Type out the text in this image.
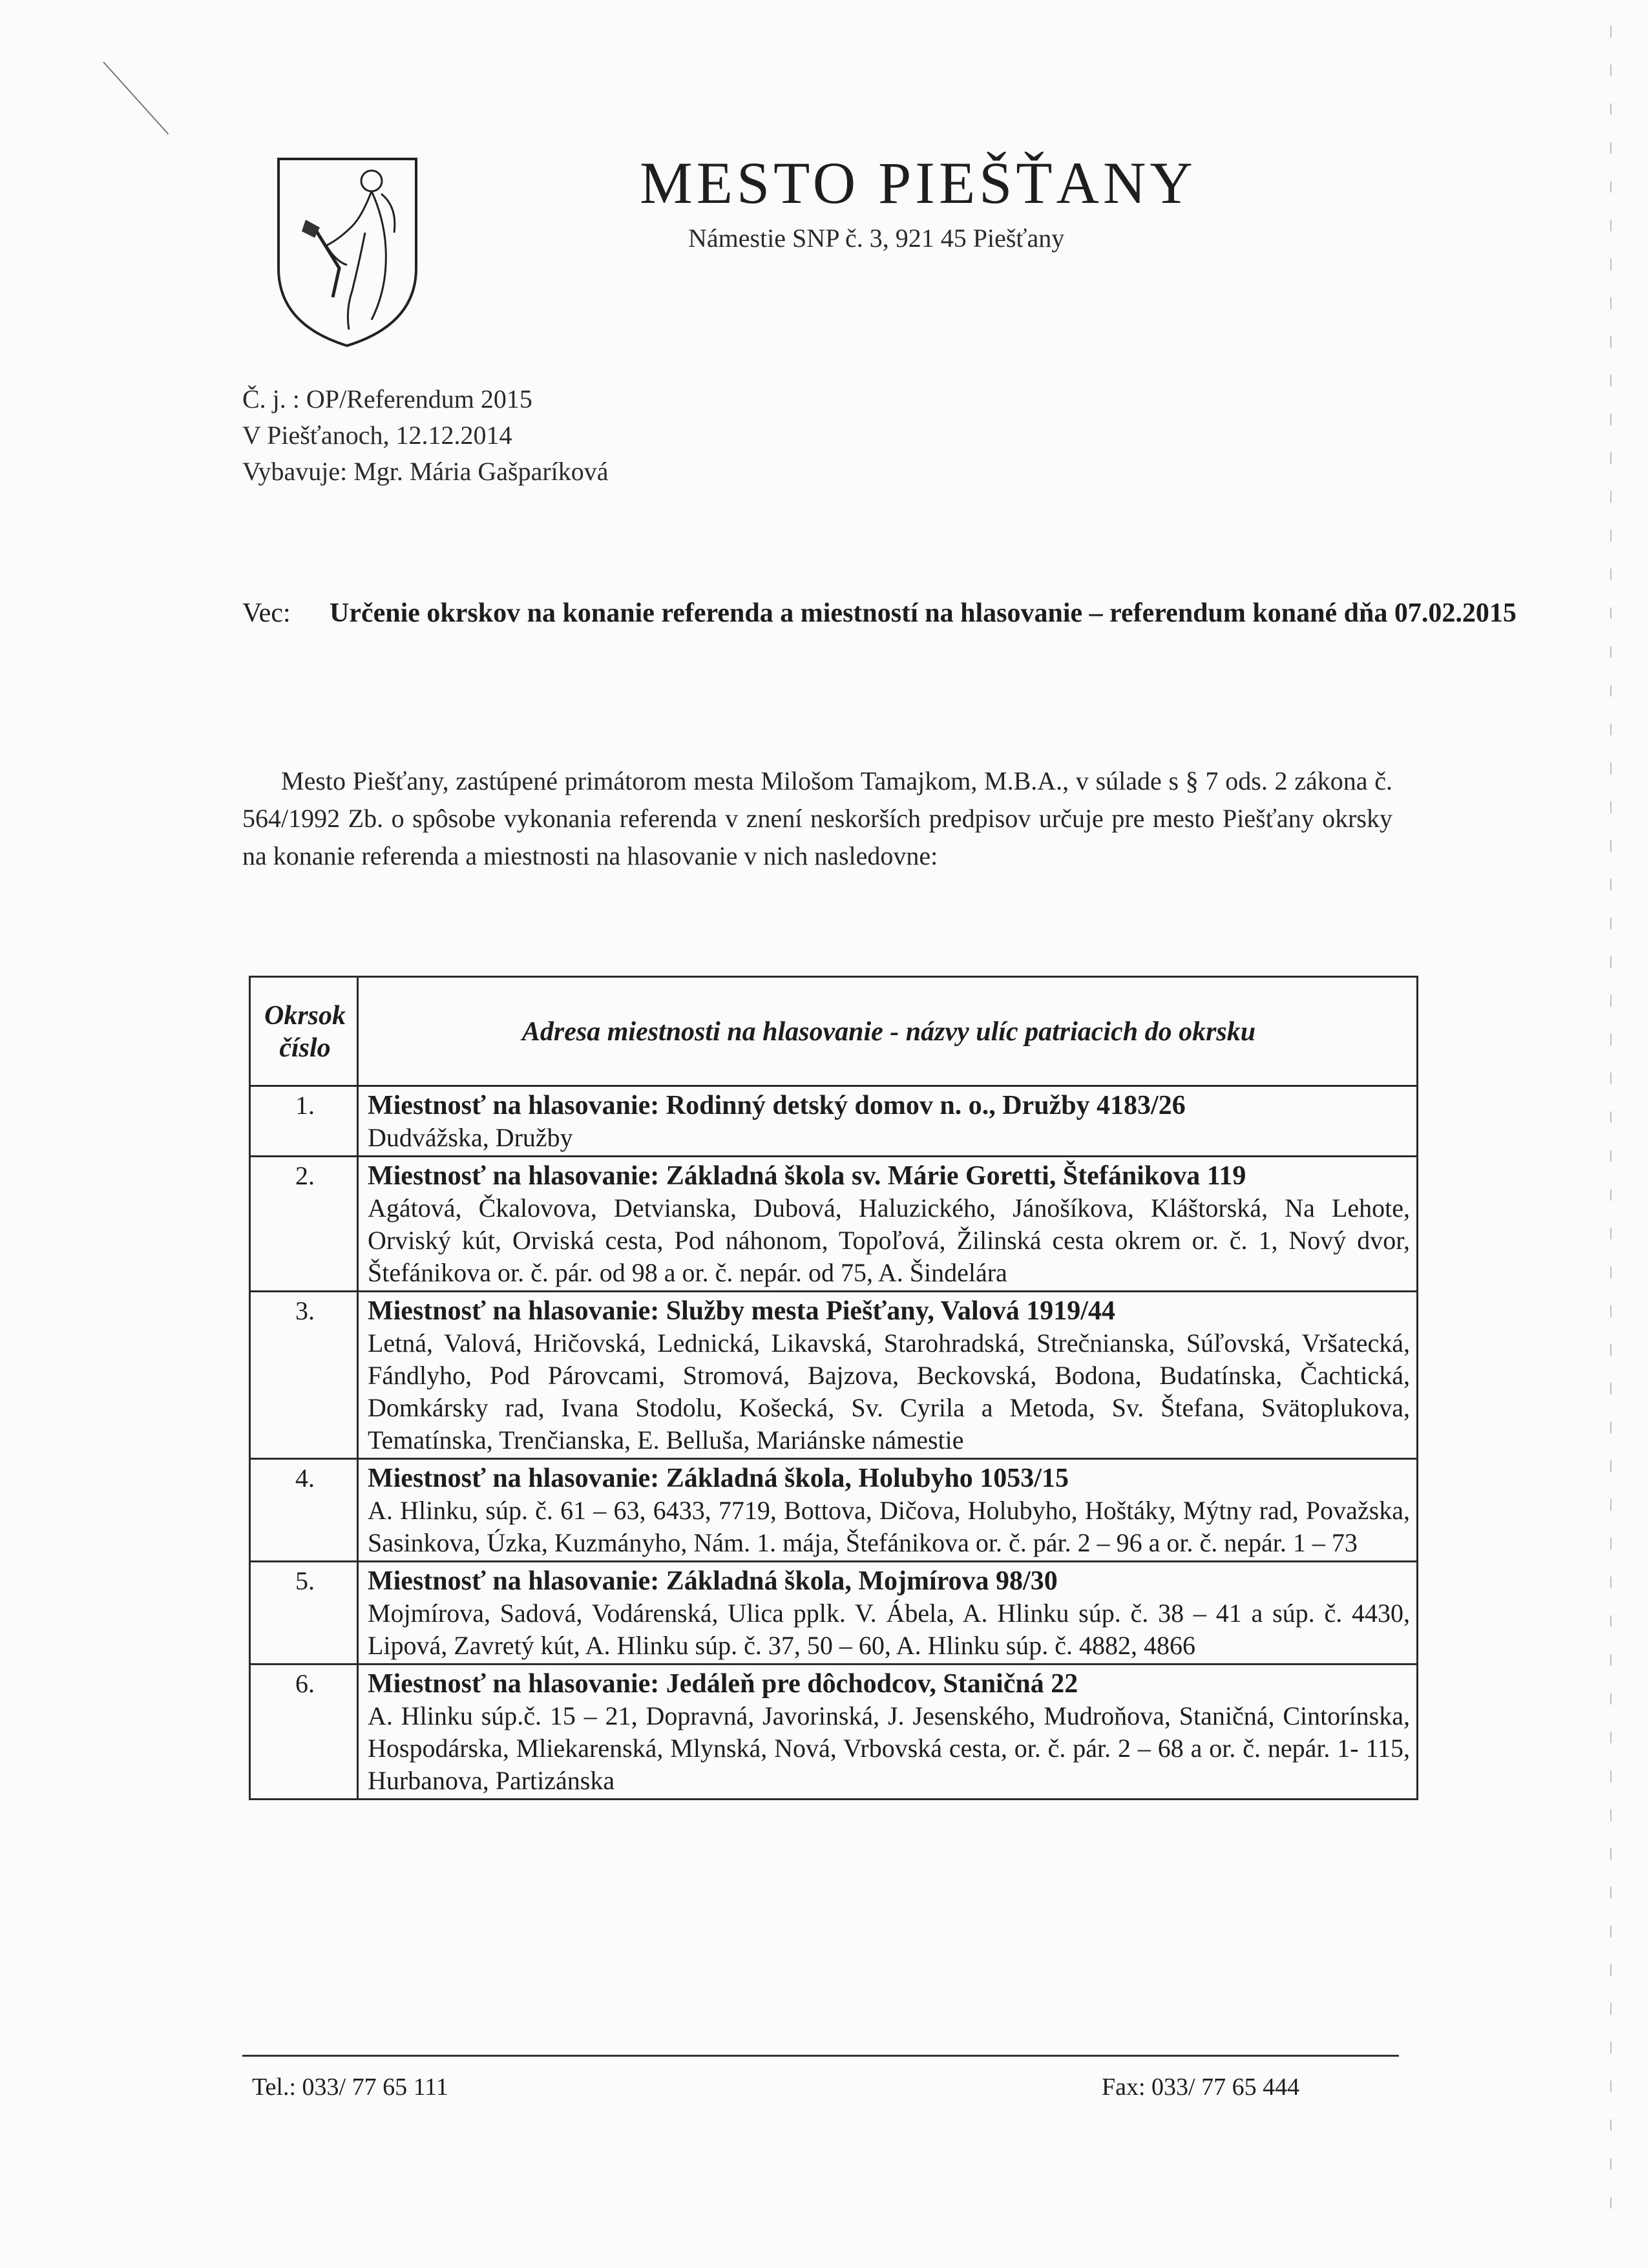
MESTO PIEŠŤANY
Námestie SNP č. 3, 921 45 Piešťany
Č. j. : OP/Referendum 2015
V Piešťanoch, 12.12.2014
Vybavuje: Mgr. Mária Gašparíková
Vec:	Určenie okrskov na konanie referenda a miestností na hlasovanie – referendum konané dňa 07.02.2015

Mesto Piešťany, zastúpené primátorom mesta Milošom Tamajkom, M.B.A., v súlade s § 7 ods. 2 zákona č. 564/1992 Zb. o spôsobe vykonania referenda v znení neskorších predpisov určuje pre mesto Piešťany okrsky na konanie referenda a miestnosti na hlasovanie v nich nasledovne:

Okrsok číslo	Adresa miestnosti na hlasovanie - názvy ulíc patriacich do okrsku
1.	Miestnosť na hlasovanie: Rodinný detský domov n. o., Družby 4183/26
Dudvážska, Družby

2.	Miestnosť na hlasovanie: Základná škola sv. Márie Goretti, Štefánikova 119
Agátová, Čkalovova, Detvianska, Dubová, Haluzického, Jánošíkova, Kláštorská, Na Lehote, Orviský kút, Orviská cesta, Pod náhonom, Topoľová, Žilinská cesta okrem or. č. 1, Nový dvor, Štefánikova or. č. pár. od 98 a or. č. nepár. od 75, A. Šindelára

3.	Miestnosť na hlasovanie: Služby mesta Piešťany, Valová 1919/44
Letná, Valová, Hričovská, Lednická, Likavská, Starohradská, Strečnianska, Súľovská, Vršatecká, Fándlyho, Pod Párovcami, Stromová, Bajzova, Beckovská, Bodona, Budatínska, Čachtická, Domkársky rad, Ivana Stodolu, Košecká, Sv. Cyrila a Metoda, Sv. Štefana, Svätoplukova, Tematínska, Trenčianska, E. Belluša, Mariánske námestie

4.	Miestnosť na hlasovanie: Základná škola, Holubyho 1053/15
A. Hlinku, súp. č. 61 – 63, 6433, 7719, Bottova, Dičova, Holubyho, Hoštáky, Mýtny rad, Považska, Sasinkova, Úzka, Kuzmányho, Nám. 1. mája, Štefánikova or. č. pár. 2 – 96 a or. č. nepár. 1 – 73

5.	Miestnosť na hlasovanie: Základná škola, Mojmírova 98/30
Mojmírova, Sadová, Vodárenská, Ulica pplk. V. Ábela, A. Hlinku súp. č. 38 – 41 a súp. č. 4430, Lipová, Zavretý kút, A. Hlinku súp. č. 37, 50 – 60, A. Hlinku súp. č. 4882, 4866

6.	Miestnosť na hlasovanie: Jedáleň pre dôchodcov, Staničná 22
A. Hlinku súp.č. 15 – 21, Dopravná, Javorinská, J. Jesenského, Mudroňova, Staničná, Cintorínska, Hospodárska, Mliekarenská, Mlynská, Nová, Vrbovská cesta, or. č. pár. 2 – 68 a or. č. nepár. 1- 115, Hurbanova, Partizánska
Tel.: 033/ 77 65 111	Fax: 033/ 77 65 444
